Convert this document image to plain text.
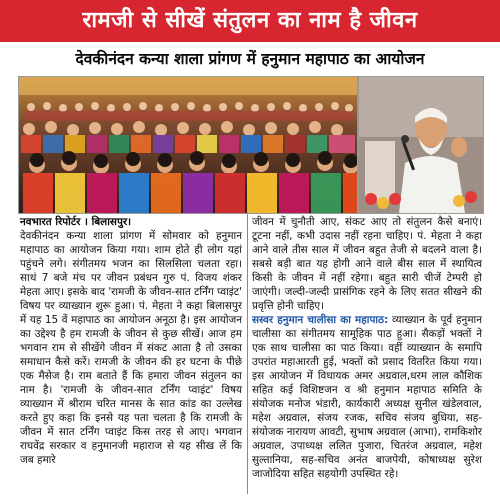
रामजी से सीखें संतुलन का नाम है जीवन
देवकीनंदन कन्या शाला प्रांगण में हनुमान महापाठ का आयोजन

नवभारत रिपोर्टर । बिलासपुर।

देवकीनंदन कन्या शाला प्रांगण में सोमवार को हनुमान महापाठ का आयोजन किया गया। शाम होते ही लोग यहां पहुंचने लगे। संगीतमय भजन का सिलसिला चलता रहा। साथं 7 बजे मंच पर जीवन प्रबंधन गुरु पं. विजय शंकर मेहता आए। इसके बाद 'रामजी के जीवन-सात टर्निंग प्वाइंट' विषय पर व्याख्यान शुरू हुआ। पं. मेहता ने कहा बिलासपुर में यह 15 वें महापाठ का आयोजन अनूठा है। इस आयोजन का उद्देश्य है हम रामजी के जीवन से कुछ सीखें। आज हम भगवान राम से सीखेंगे जीवन में संकट आता है तो उसका समाधान कैसे करें। रामजी के जीवन की हर घटना के पीछे एक मैसेज है। राम बताते हैं कि हमारा जीवन संतुलन का नाम है। 'रामजी के जीवन-सात टर्निंग प्वाइंट' विषय व्याख्यान में श्रीराम चरित मानस के सात कांड का उल्लेख करते हुए कहा कि इनसे यह पता चलता है कि रामजी के जीवन में सात टर्निंग प्वाइंट किस तरह से आए। भगवान राघवेंद्र सरकार व हनुमानजी महाराज से यह सीख लें कि जब हमारे

जीवन में चुनौती आए, संकट आए तो संतुलन कैसे बनाएं। टूटना नहीं, कभी उदास नहीं रहना चाहिए। पं. मेहता ने कहा आने वाले तीस साल में जीवन बहुत तेजी से बदलने वाला है। सबसे बड़ी बात यह होगी आने वाले बीस साल में स्थायित्व किसी के जीवन में नहीं रहेगा। बहुत सारी चीजें टेम्परी हो जाएंगी। जल्दी-जल्दी प्रासंगिक रहने के लिए सतत सीखने की प्रवृत्ति होनी चाहिए।

सस्वर हनुमान चालीसा का महापाठ: व्याख्यान के पूर्व हनुमान चालीसा का संगीतमय सामूहिक पाठ हुआ। सैकड़ों भक्तों ने एक साथ चालीसा का पाठ किया। वहीं व्याख्यान के समापि उपरांत महाआरती हुई, भक्तों को प्रसाद वितरित किया गया। इस आयोजन में विधायक अमर अग्रवाल,धरम लाल कौशिक सहित कई विशिष्टजन व श्री हनुमान महापाठ समिति के संयोजक मनोज भंडारी, कार्यकारी अध्यक्ष सुनील खंडेलवाल, महेश अग्रवाल, संजय रजक, सचिव संजय बुधिया, सह-संयोजक नारायण आवटी, सुभाष अग्रवाल (आभा), रामकिशोर अग्रवाल, उपाध्यक्ष ललित पुजारा, चितरंज अग्रवाल, महेश सुल्तानिया, सह-सचिव अनंत बाजपेयी, कोषाध्यक्ष सुरेश जाजोदिया सहित सहयोगी उपस्थित रहे।
